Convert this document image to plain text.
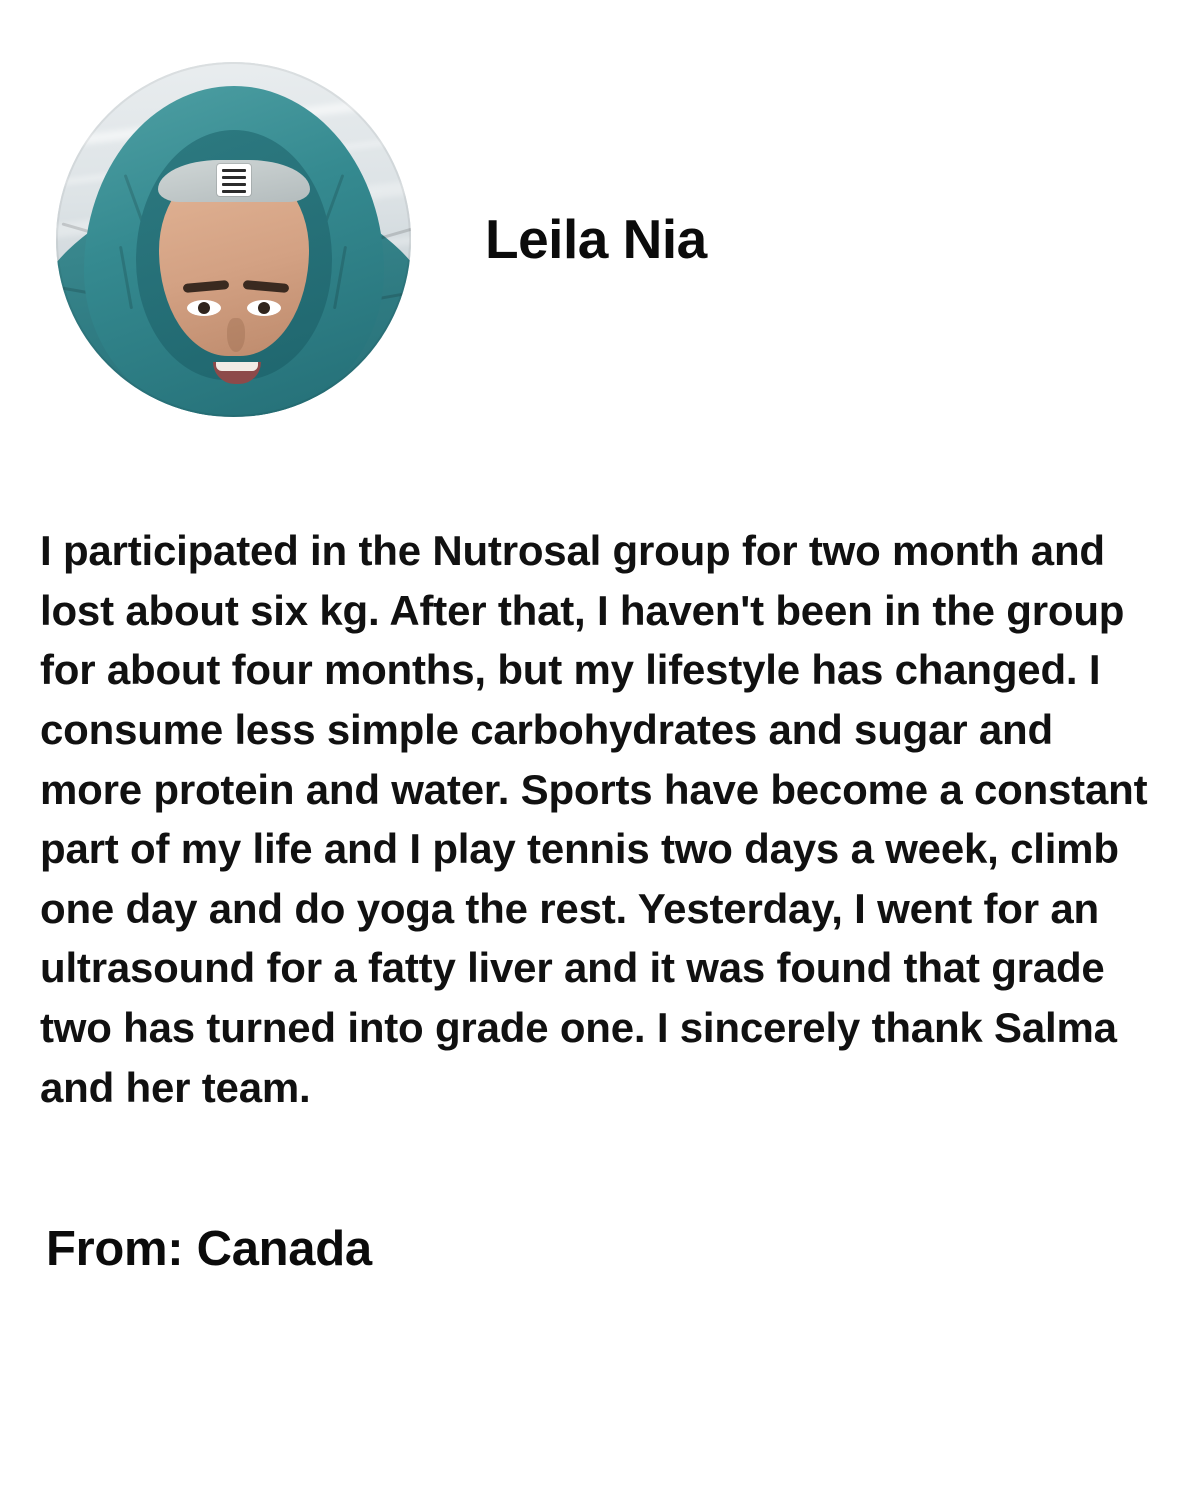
Leila Nia
I participated in the Nutrosal group for two month and lost about six kg. After that, I haven't been in the group for about four months, but my lifestyle has changed. I consume less simple carbohydrates and sugar and more protein and water. Sports have become a constant part of my life and I play tennis two days a week, climb one day and do yoga the rest. Yesterday, I went for an ultrasound for a fatty liver and it was found that grade two has turned into grade one. I sincerely thank Salma and her team.
From: Canada
